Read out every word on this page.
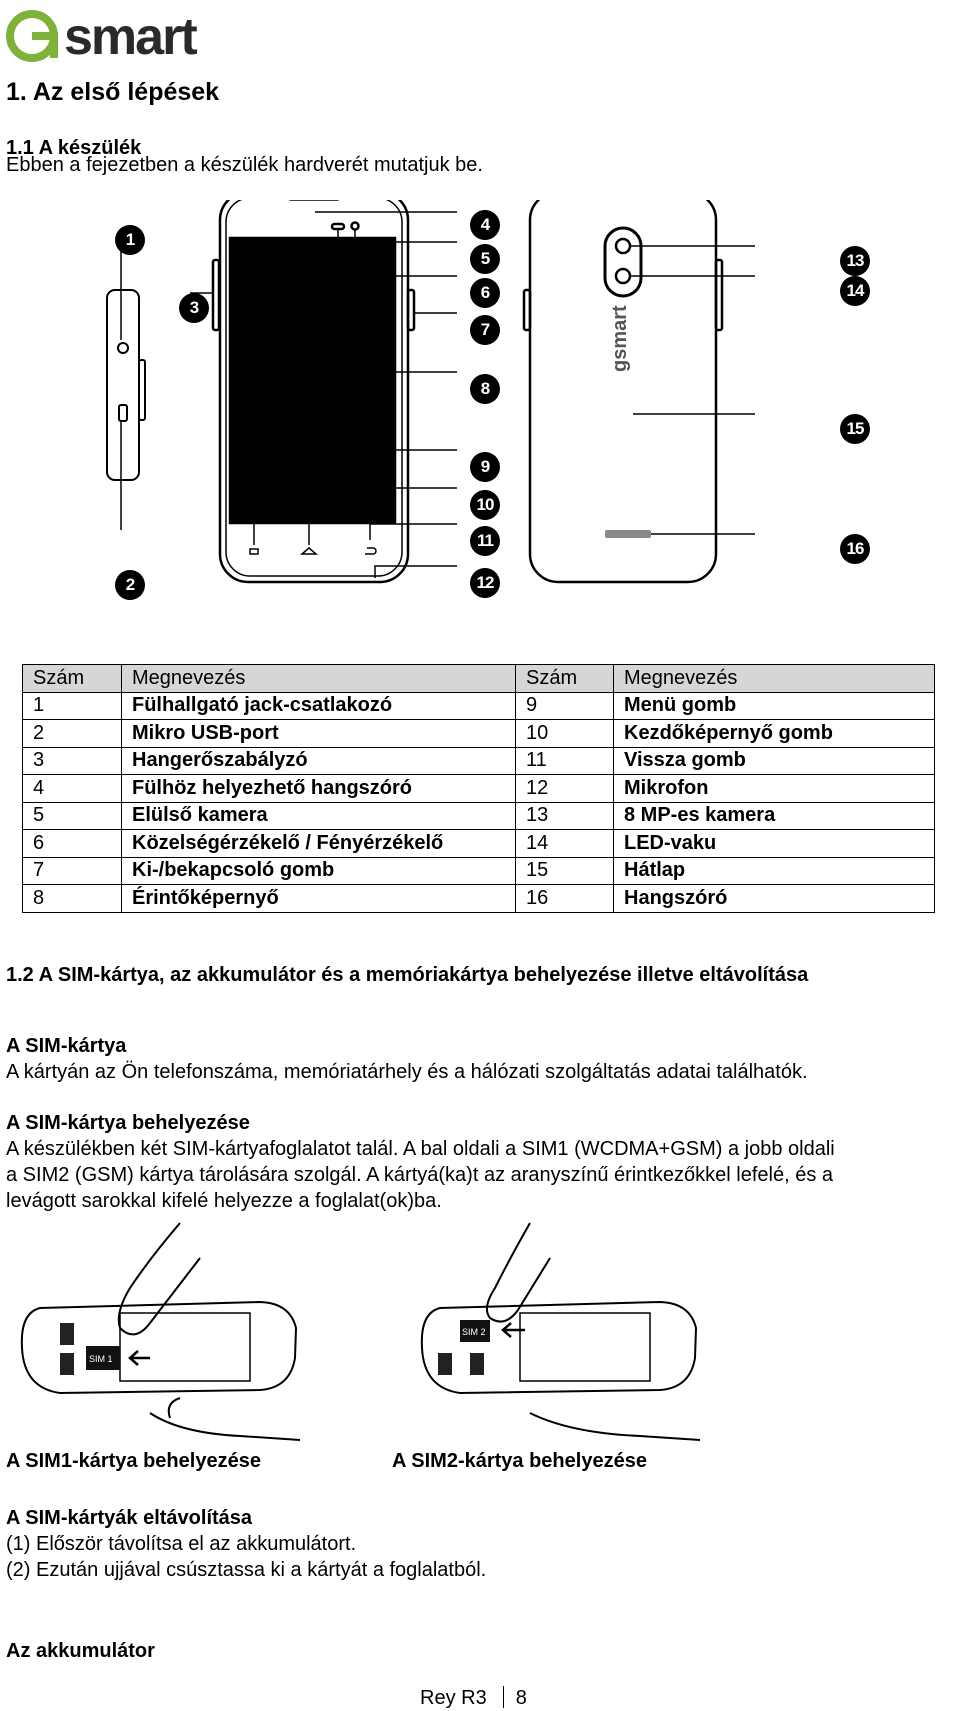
smart
GSmart
1. Az első lépések
1.1 A készülék

Ebben a fejezetben a készülék hardverét mutatjuk be.

gsmart
1
2
3
4
5
6
7
8
9
10
11
12
13
14
15
16
Szám	Megnevezés	Szám	Megnevezés
1	Fülhallgató jack-csatlakozó	9	Menü gomb
2	Mikro USB-port	10	Kezdőképernyő gomb
3	Hangerőszabályzó	11	Vissza gomb
4	Fülhöz helyezhető hangszóró	12	Mikrofon
5	Elülső kamera	13	8 MP-es kamera
6	Közelségérzékelő / Fényérzékelő	14	LED-vaku
7	Ki-/bekapcsoló gomb	15	Hátlap
8	Érintőképernyő	16	Hangszóró

1.2 A SIM-kártya, az akkumulátor és a memóriakártya behelyezése illetve eltávolítása

A SIM-kártya

A kártyán az Ön telefonszáma, memóriatárhely és a hálózati szolgáltatás adatai találhatók.

A SIM-kártya behelyezése

A készülékben két SIM-kártyafoglalatot talál. A bal oldali a SIM1 (WCDMA+GSM) a jobb oldali

a SIM2 (GSM) kártya tárolására szolgál. A kártyá(ka)t az aranyszínű érintkezőkkel lefelé, és a

levágott sarokkal kifelé helyezze a foglalat(ok)ba.

SIM 1
SIM 2
A SIM1-kártya behelyezése	A SIM2-kártya behelyezése

A SIM-kártyák eltávolítása

(1) Először távolítsa el az akkumulátort.

(2) Ezután ujjával csúsztassa ki a kártyát a foglalatból.

Az akkumulátor

Rey R3 8
